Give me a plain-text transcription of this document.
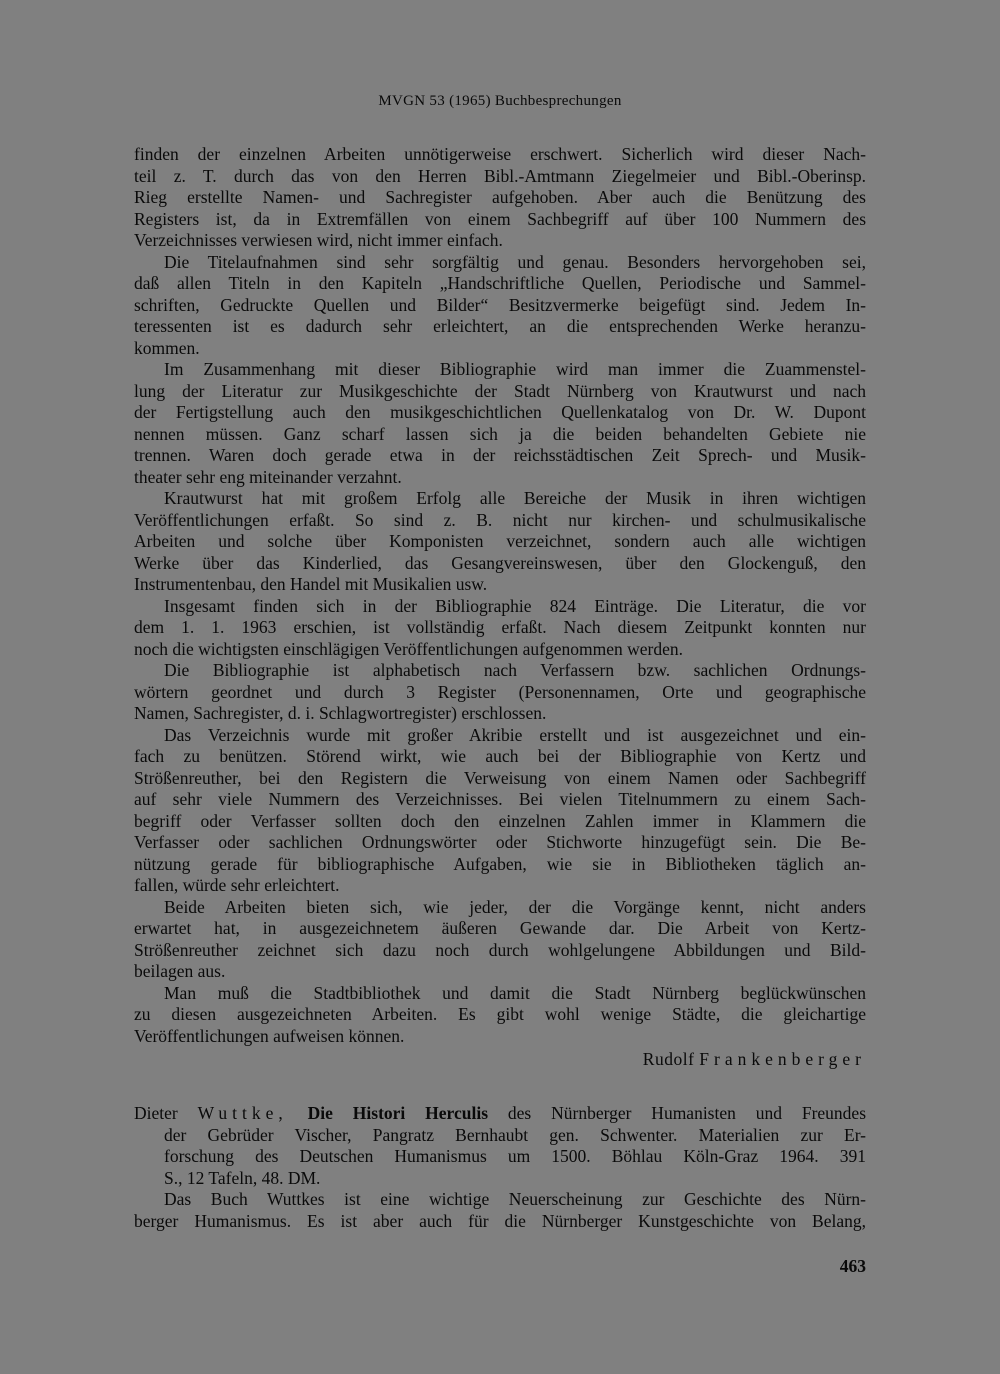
MVGN 53 (1965) Buchbesprechungen
finden der einzelnen Arbeiten unnötigerweise erschwert. Sicherlich wird dieser Nach-
teil z. T. durch das von den Herren Bibl.-Amtmann Ziegelmeier und Bibl.-Oberinsp.
Rieg erstellte Namen- und Sachregister aufgehoben. Aber auch die Benützung des
Registers ist, da in Extremfällen von einem Sachbegriff auf über 100 Nummern des
Verzeichnisses verwiesen wird, nicht immer einfach.
Die Titelaufnahmen sind sehr sorgfältig und genau. Besonders hervorgehoben sei,
daß allen Titeln in den Kapiteln „Handschriftliche Quellen, Periodische und Sammel-
schriften, Gedruckte Quellen und Bilder“ Besitzvermerke beigefügt sind. Jedem In-
teressenten ist es dadurch sehr erleichtert, an die entsprechenden Werke heranzu-
kommen.
Im Zusammenhang mit dieser Bibliographie wird man immer die Zuammenstel-
lung der Literatur zur Musikgeschichte der Stadt Nürnberg von Krautwurst und nach
der Fertigstellung auch den musikgeschichtlichen Quellenkatalog von Dr. W. Dupont
nennen müssen. Ganz scharf lassen sich ja die beiden behandelten Gebiete nie
trennen. Waren doch gerade etwa in der reichsstädtischen Zeit Sprech- und Musik-
theater sehr eng miteinander verzahnt.
Krautwurst hat mit großem Erfolg alle Bereiche der Musik in ihren wichtigen
Veröffentlichungen erfaßt. So sind z. B. nicht nur kirchen- und schulmusikalische
Arbeiten und solche über Komponisten verzeichnet, sondern auch alle wichtigen
Werke über das Kinderlied, das Gesangvereinswesen, über den Glockenguß, den
Instrumentenbau, den Handel mit Musikalien usw.
Insgesamt finden sich in der Bibliographie 824 Einträge. Die Literatur, die vor
dem 1. 1. 1963 erschien, ist vollständig erfaßt. Nach diesem Zeitpunkt konnten nur
noch die wichtigsten einschlägigen Veröffentlichungen aufgenommen werden.
Die Bibliographie ist alphabetisch nach Verfassern bzw. sachlichen Ordnungs-
wörtern geordnet und durch 3 Register (Personennamen, Orte und geographische
Namen, Sachregister, d. i. Schlagwortregister) erschlossen.
Das Verzeichnis wurde mit großer Akribie erstellt und ist ausgezeichnet und ein-
fach zu benützen. Störend wirkt, wie auch bei der Bibliographie von Kertz und
Strößenreuther, bei den Registern die Verweisung von einem Namen oder Sachbegriff
auf sehr viele Nummern des Verzeichnisses. Bei vielen Titelnummern zu einem Sach-
begriff oder Verfasser sollten doch den einzelnen Zahlen immer in Klammern die
Verfasser oder sachlichen Ordnungswörter oder Stichworte hinzugefügt sein. Die Be-
nützung gerade für bibliographische Aufgaben, wie sie in Bibliotheken täglich an-
fallen, würde sehr erleichtert.
Beide Arbeiten bieten sich, wie jeder, der die Vorgänge kennt, nicht anders
erwartet hat, in ausgezeichnetem äußeren Gewande dar. Die Arbeit von Kertz-
Strößenreuther zeichnet sich dazu noch durch wohlgelungene Abbildungen und Bild-
beilagen aus.
Man muß die Stadtbibliothek und damit die Stadt Nürnberg beglückwünschen
zu diesen ausgezeichneten Arbeiten. Es gibt wohl wenige Städte, die gleichartige
Veröffentlichungen aufweisen können.
Rudolf Frankenberger
Dieter Wuttke, Die Histori Herculis des Nürnberger Humanisten und Freundes
der Gebrüder Vischer, Pangratz Bernhaubt gen. Schwenter. Materialien zur Er-
forschung des Deutschen Humanismus um 1500. Böhlau Köln-Graz 1964. 391
S., 12 Tafeln, 48. DM.
Das Buch Wuttkes ist eine wichtige Neuerscheinung zur Geschichte des Nürn-
berger Humanismus. Es ist aber auch für die Nürnberger Kunstgeschichte von Belang,
463
